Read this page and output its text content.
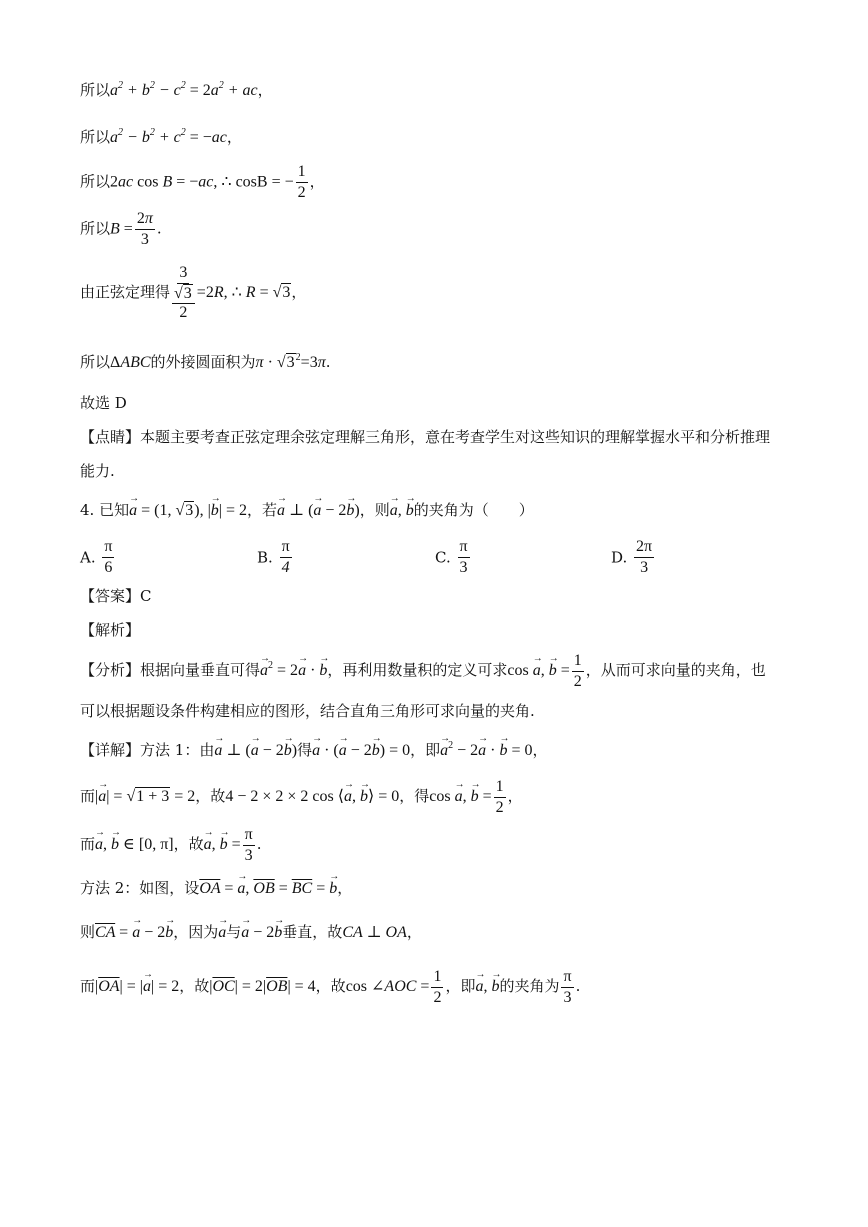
所以$a^2 + b^2 - c^2 = 2a^2$ + ac，
所以$a^2 - b^2 + c^2 = -ac$，
所以2ac cos B = −ac, ∴ cosB = − $\frac{1}{2}$ ，
所以$B = \frac{2\pi}{3}$ .
由正弦定理得 $\frac{3}{\frac{√3}{2}} =2R$, ∴ R = √3，
所以ΔABC的外接圆面积为$\pi \cdot √3^2=3\pi$.
故选 D
【点睛】本题主要考查正弦定理余弦定理解三角形，意在考查学生对这些知识的理解掌握水平和分析推理
能力.
4. 已知→ a = (1, √3), |→ b| = 2，若→ a ⊥ (→ a − 2→ b)，则→ a, → b的夹角为（　　）
A. $\frac{\pi}{6}$	B. $\frac{\pi}{4}$	C. $\frac{\pi}{3}$	D. $\frac{2\pi}{3}$
【答案】C
【解析】
【分析】根据向量垂直可得→ $a^2 = 2\to a$ · → b，再利用数量积的定义可求cos → a, → $b = \frac{1}{2}$ ，从而可求向量的夹角，也
可以根据题设条件构建相应的图形，结合直角三角形可求向量的夹角.
【详解】方法 1：由→ a ⊥ (→ a − 2→ b)得→ a · (→ a − 2→ b) = 0，即→ $a^2 - 2\to a$ · → b = 0，
而|→ a| = √1 + 3 = 2，故4 − 2 × 2 × 2 cos ⟨→ a, → b⟩ = 0，得cos → a, → $b = \frac{1}{2}$ ，
而→ a, → b ∈ [0, π]，故→ a, → $b = \frac{\pi}{3}$ .
方法 2：如图，设$\overline{OA}$ = → a, $\overline{OB} = \overline{BC}$ = → b，
则$\overline{CA}$ = → a − 2→ b，因为→ a与→ a − 2→ b垂直，故CA ⊥ OA，
而$|\overline{OA}|$ = |→ a| = 2，故$|\overline{OC}| = 2|\overline{OB}| = 4$，故cos ∠AOC = $\frac{1}{2}$ ，即→ a, → b的夹角为 $\frac{\pi}{3}$ .
